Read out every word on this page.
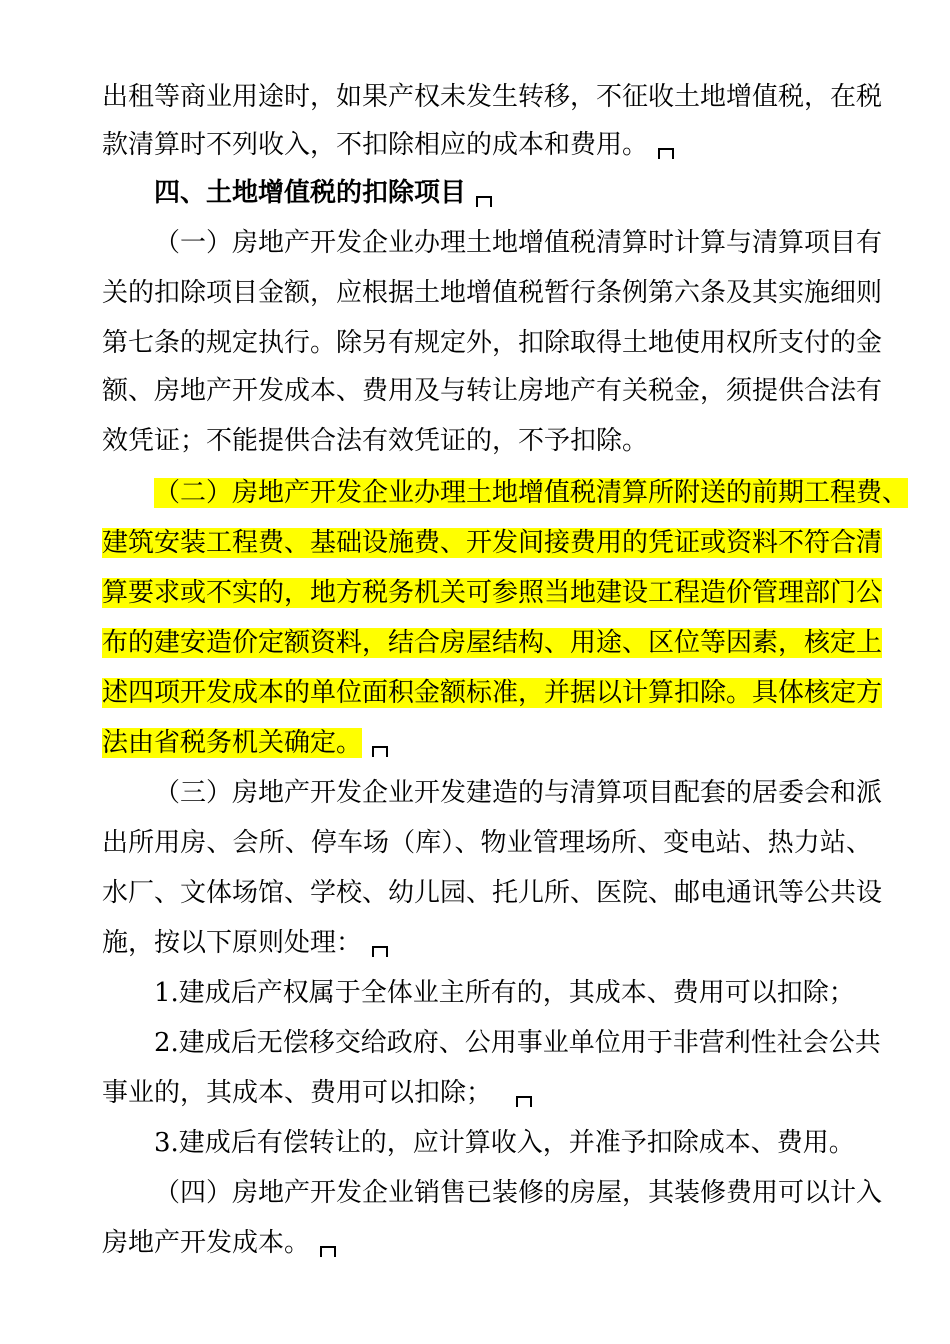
出租等商业用途时，如果产权未发生转移，不征收土地增值税，在税
款清算时不列收入，不扣除相应的成本和费用。
四、土地增值税的扣除项目
（一）房地产开发企业办理土地增值税清算时计算与清算项目有
关的扣除项目金额，应根据土地增值税暂行条例第六条及其实施细则
第七条的规定执行。除另有规定外，扣除取得土地使用权所支付的金
额、房地产开发成本、费用及与转让房地产有关税金，须提供合法有
效凭证；不能提供合法有效凭证的，不予扣除。
（二）房地产开发企业办理土地增值税清算所附送的前期工程费、
建筑安装工程费、基础设施费、开发间接费用的凭证或资料不符合清
算要求或不实的，地方税务机关可参照当地建设工程造价管理部门公
布的建安造价定额资料，结合房屋结构、用途、区位等因素，核定上
述四项开发成本的单位面积金额标准，并据以计算扣除。具体核定方
法由省税务机关确定。
（三）房地产开发企业开发建造的与清算项目配套的居委会和派
出所用房、会所、停车场（库）、物业管理场所、变电站、热力站、
水厂、文体场馆、学校、幼儿园、托儿所、医院、邮电通讯等公共设
施，按以下原则处理：
1.建成后产权属于全体业主所有的，其成本、费用可以扣除；
2.建成后无偿移交给政府、公用事业单位用于非营利性社会公共
事业的，其成本、费用可以扣除；
3.建成后有偿转让的，应计算收入，并准予扣除成本、费用。
（四）房地产开发企业销售已装修的房屋，其装修费用可以计入
房地产开发成本。
